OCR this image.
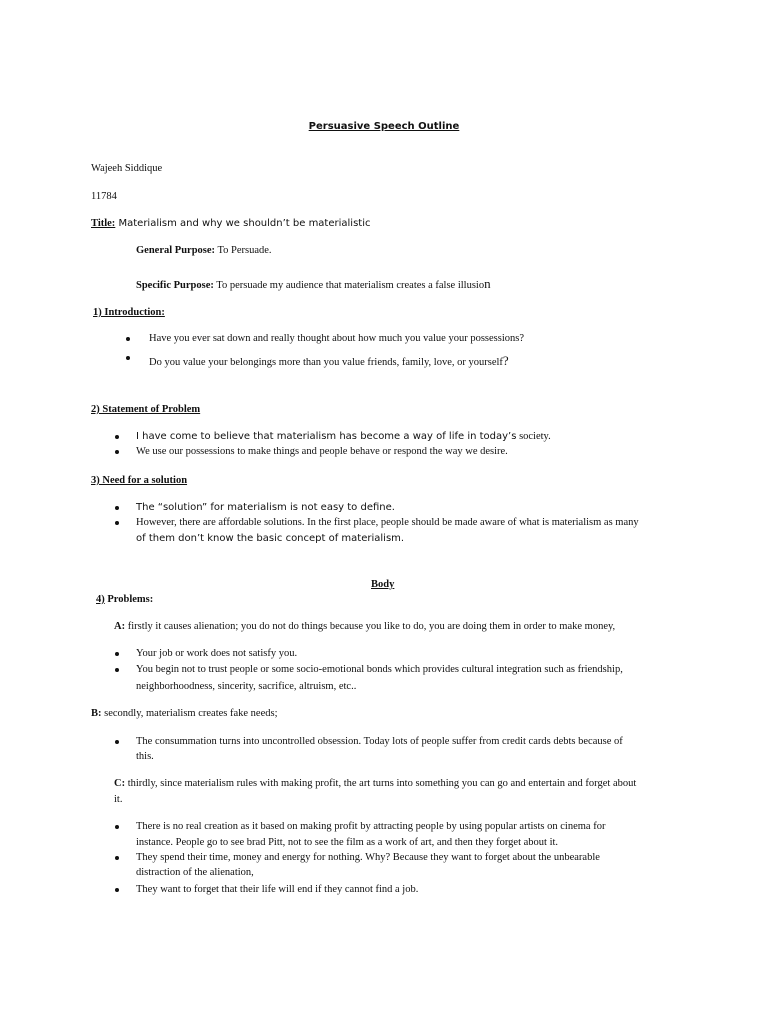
Persuasive Speech Outline
Wajeeh Siddique
11784
Title: Materialism and why we shouldn’t be materialistic
General Purpose: To Persuade.
Specific Purpose: To persuade my audience that materialism creates a false illusion
1) Introduction:
Have you ever sat down and really thought about how much you value your possessions?
Do you value your belongings more than you value friends, family, love, or yourself?
2) Statement of Problem
I have come to believe that materialism has become a way of life in today’s society.
We use our possessions to make things and people behave or respond the way we desire.
3) Need for a solution
The “solution” for materialism is not easy to define.
However, there are affordable solutions. In the first place, people should be made aware of what is materialism as many
of them don’t know the basic concept of materialism.
Body
4) Problems:
A: firstly it causes alienation; you do not do things because you like to do, you are doing them in order to make money,
Your job or work does not satisfy you.
You begin not to trust people or some socio-emotional bonds which provides cultural integration such as friendship,
neighborhoodness, sincerity, sacrifice, altruism, etc..
B: secondly, materialism creates fake needs;
The consummation turns into uncontrolled obsession. Today lots of people suffer from credit cards debts because of
this.
C: thirdly, since materialism rules with making profit, the art turns into something you can go and entertain and forget about
it.
There is no real creation as it based on making profit by attracting people by using popular artists on cinema for
instance. People go to see brad Pitt, not to see the film as a work of art, and then they forget about it.
They spend their time, money and energy for nothing. Why? Because they want to forget about the unbearable
distraction of the alienation,
They want to forget that their life will end if they cannot find a job.
